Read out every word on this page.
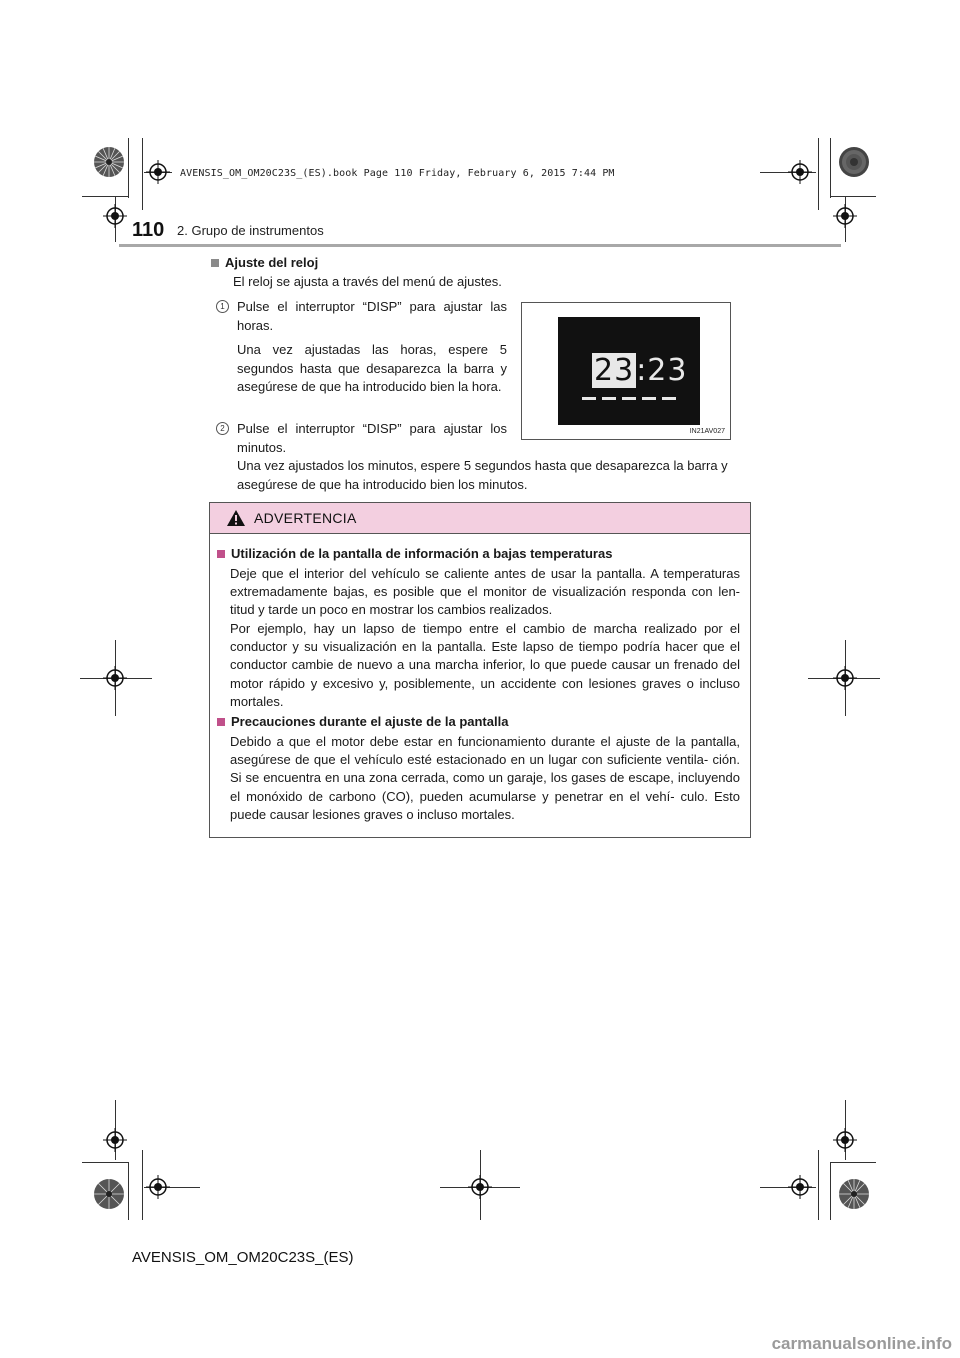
AVENSIS_OM_OM20C23S_(ES).book Page 110 Friday, February 6, 2015 7:44 PM
110 2. Grupo de instrumentos
Ajuste del reloj
El reloj se ajusta a través del menú de ajustes.
1 Pulse el interruptor “DISP” para ajustar las horas.
Una vez ajustadas las horas, espere 5 segundos hasta que desaparezca la barra y asegúrese de que ha introducido bien la hora.
2 Pulse el interruptor “DISP” para ajustar los minutos.
Una vez ajustados los minutos, espere 5 segundos hasta que desaparezca la barra y asegúrese de que ha introducido bien los minutos.
23:23
IN21AV027
ADVERTENCIA
Utilización de la pantalla de información a bajas temperaturas
Deje que el interior del vehículo se caliente antes de usar la pantalla. A temperaturas extremadamente bajas, es posible que el monitor de visualización responda con len- titud y tarde un poco en mostrar los cambios realizados.
Por ejemplo, hay un lapso de tiempo entre el cambio de marcha realizado por el conductor y su visualización en la pantalla. Este lapso de tiempo podría hacer que el conductor cambie de nuevo a una marcha inferior, lo que puede causar un frenado del motor rápido y excesivo y, posiblemente, un accidente con lesiones graves o incluso mortales.
Precauciones durante el ajuste de la pantalla
Debido a que el motor debe estar en funcionamiento durante el ajuste de la pantalla, asegúrese de que el vehículo esté estacionado en un lugar con suficiente ventila- ción. Si se encuentra en una zona cerrada, como un garaje, los gases de escape, incluyendo el monóxido de carbono (CO), pueden acumularse y penetrar en el vehí- culo. Esto puede causar lesiones graves o incluso mortales.
AVENSIS_OM_OM20C23S_(ES)
carmanualsonline.info
